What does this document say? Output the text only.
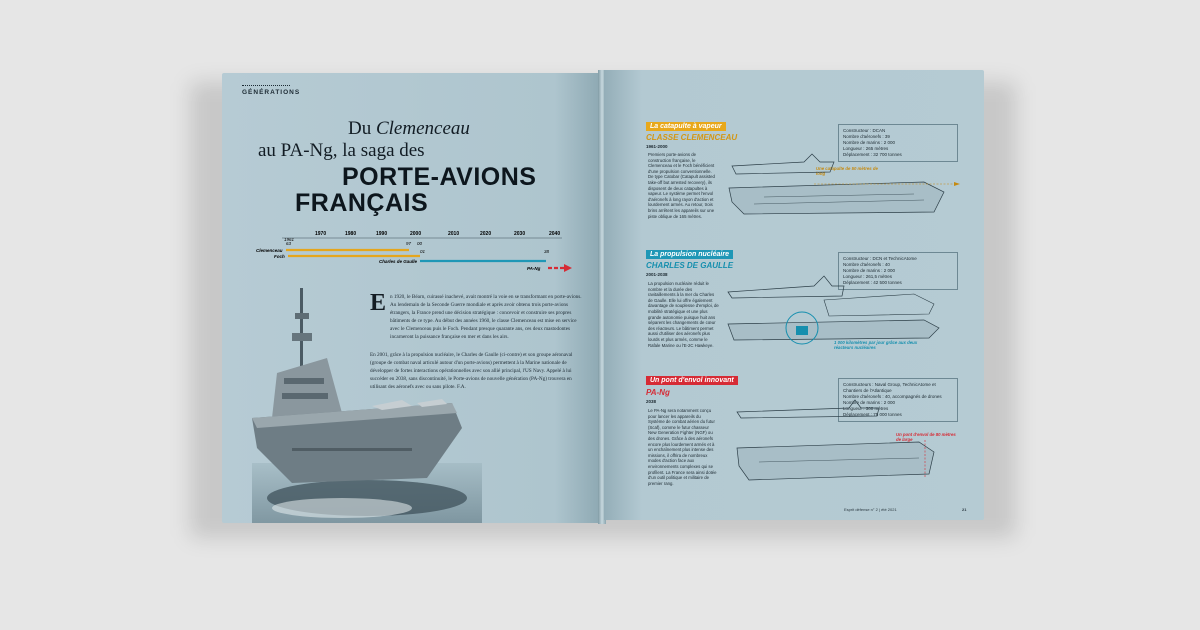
GÉNÉRATIONS
Du Clemenceau
au PA-Ng, la saga des
PORTE-AVIONS
FRANÇAIS
1970	1980	1990	2000	2010	2020	2030	2040
1961
63	97 00
01	38
Clemenceau
Foch
Charles de Gaulle
PA-Ng
E n 1920, le Béarn, cuirassé inachevé, avait montré la voie en se transformant en porte-avions. Au lendemain de la Seconde Guerre mondiale et après avoir obtenu trois porte-avions étrangers, la France prend une décision stratégique : concevoir et construire ses propres bâtiments de ce type. Au début des années 1960, le classe Clemenceau est mise en service avec le Clemenceau puis le Foch. Pendant presque quarante ans, ces deux mastodontes incarneront la puissance française en mer et dans les airs.
En 2001, grâce à la propulsion nucléaire, le Charles de Gaulle (ci-contre) et son groupe aéronaval (groupe de combat naval articulé autour d'un porte-avions) permettent à la Marine nationale de développer de fortes interactions opérationnelles avec son allié principal, l'US Navy. Appelé à lui succéder en 2038, sans discontinuité, le Porte-avions de nouvelle génération (PA-Ng) trouvera en utilisant des aéronefs avec ou sans pilote. F.A.
La catapulte à vapeur
CLASSE CLEMENCEAU
1961-2000
Premiers porte-avions de construction française, le Clemenceau et le Foch bénéficient d'une propulsion conventionnelle. De type Catobar (Catapult assisted take-off but arrested recovery), ils disposent de deux catapultes à vapeur. Le système permet l'envol d'aéronefs à long rayon d'action et lourdement armés. Au retour, trois brins arrêtent les appareils sur une piste oblique de 165 mètres.
Constructeur : DCAN
Nombre d'aéronefs : 39
Nombre de marins : 2 000
Longueur : 265 mètres
Déplacement : 32 700 tonnes
Une catapulte de 50 mètres de long
La propulsion nucléaire
CHARLES DE GAULLE
2001-2038
La propulsion nucléaire réduit le nombre et la durée des ravitaillements à la mer du Charles de Gaulle. Elle lui offre également davantage de souplesse d'emploi, de mobilité stratégique et une plus grande autonomie puisque huit ans séparent les changements de cœur des réacteurs. Le bâtiment permet aussi d'utiliser des aéronefs plus lourds et plus armés, comme le Rafale Marine ou l'E-2C Hawkeye.
Constructeur : DCN et TechnicAtome
Nombre d'aéronefs : 40
Nombre de marins : 2 000
Longueur : 261,5 mètres
Déplacement : 42 500 tonnes
1 000 kilomètres par jour grâce aux deux réacteurs nucléaires
Un pont d'envol innovant
PA-Ng
2038
Le PA-Ng sera notamment conçu pour lancer les appareils du Système de combat aérien du futur (Scaf), comme le futur chasseur New Generation Fighter (NGF) ou des drones. Grâce à des aéronefs encore plus lourdement armés et à un enchaînement plus intense des missions, il offrira de nombreux modes d'action face aux environnements complexes qui se profilent. La France sera ainsi dotée d'un outil politique et militaire de premier rang.
Constructeurs : Naval Group, TechnicAtome et Chantiers de l'Atlantique
Nombre d'aéronefs : 40, accompagnés de drones
Nombre de marins : 2 000
Longueur : 300 mètres
Déplacement : 75 000 tonnes
Un pont d'envol de 80 mètres de large
Esprit défense n° 2 | été 2021	21
